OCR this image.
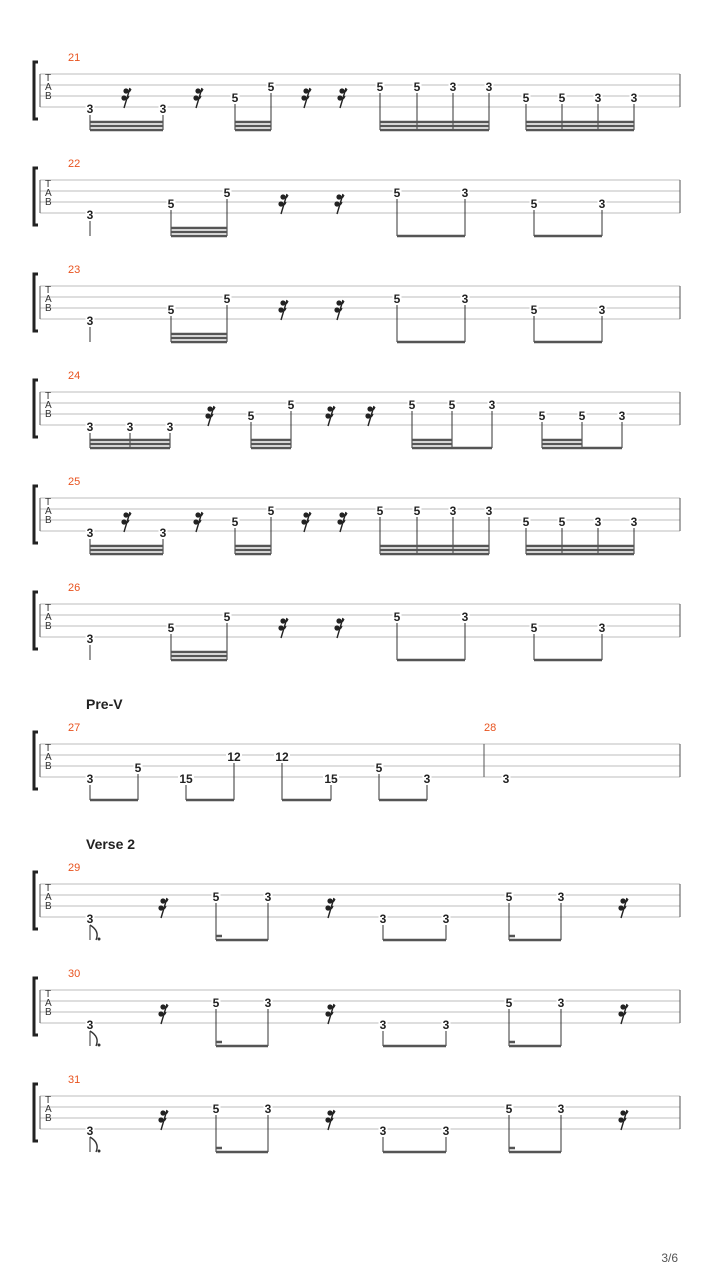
T
A
B
21
3	3
5
5	5	5 3 3
5 5 3 3
T
A
B
22
3
5
5	5	3
5	3
T
A
B
23
3
5
5	5	3
5	3
T
A
B
24
3	3	3
5
5	5	5	3
5	5	3
T
A
B
25
3	3
5
5	5	5 3 3
5 5 3 3
T
A
B
26
3
5
5	5	3
5	3
Pre-V
T
A
B
27
3
5
15
12	12
15
5
3
28
3
Verse 2
T
A
B
29
3
5	3
3	3
5	3
T
A
B
30
3
5	3
3	3
5	3
T
A
B
31
3
5	3
3	3
5	3
3/6
